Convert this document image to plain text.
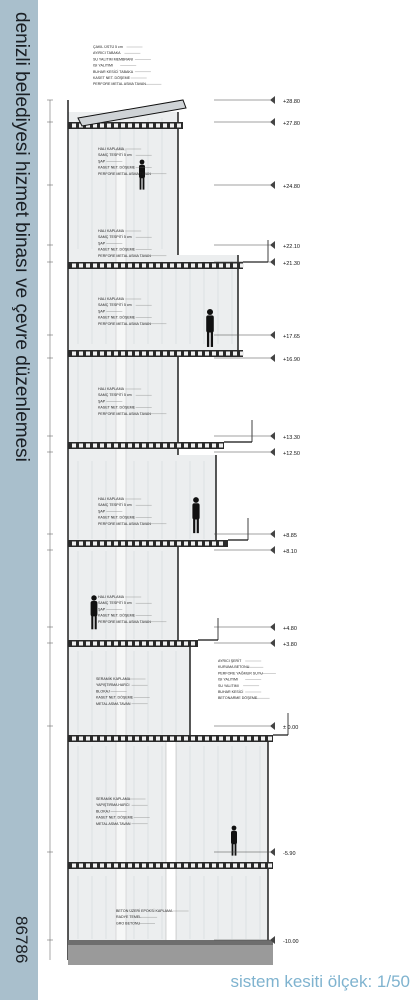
denizli belediyesi hizmet binası ve çevre düzenlemesi
86786
+28.80
+27.80
+24.80
+22.10
+21.30
+17.65
+16.90
+13.30
+12.50
+8.85
+8.10
+4.80
+3.80
± 0.00
-5.90
-10.00
ÇAKIL ÜSTÜ 5 cm
AYIRICI TABAKA
SU YALITIM MEMBRANI
ISI YALITIMI
BUHAR KESİCİ TABAKA
KASET NET. DÖŞEME
PERFORE METAL ASMA TAVAN
HALI KAPLAMA
SAMÇ TESPİTİ 5 cm
ŞAP
KASET NET. DÖŞEME
PERFORE METAL ASMA TAVAN
HALI KAPLAMA
SAMÇ TESPİTİ 5 cm
ŞAP
KASET NET. DÖŞEME
PERFORE METAL ASMA TAVAN
HALI KAPLAMA
SAMÇ TESPİTİ 5 cm
ŞAP
KASET NET. DÖŞEME
PERFORE METAL ASMA TAVAN
HALI KAPLAMA
SAMÇ TESPİTİ 5 cm
ŞAP
KASET NET. DÖŞEME
PERFORE METAL ASMA TAVAN
HALI KAPLAMA
SAMÇ TESPİTİ 5 cm
ŞAP
KASET NET. DÖŞEME
PERFORE METAL ASMA TAVAN
HALI KAPLAMA
SAMÇ TESPİTİ 5 cm
ŞAP
KASET NET. DÖŞEME
PERFORE METAL ASMA TAVAN
SERAMİK KAPLAMA
YAPIŞTIRMA HARCI
BLOKAJ
KASET NET. DÖŞEME
METAL ASMA TAVAN
AYRICI ŞERİT
KURUMA BETONU
PERFORE YAĞMUR SUYU
ISI YALITIMI
SU YALITIMI
BUHAR KESİCİ
BETONARME DÖŞEME
SERAMİK KAPLAMA
YAPIŞTIRMA HARCI
BLOKAJ
KASET NET. DÖŞEME
METAL ASMA TAVAN
BETON ÜZERİ EPOKSİ KAPLAMA
RADYE TEMEL
GRO BETONU
sistem kesiti ölçek: 1/50
